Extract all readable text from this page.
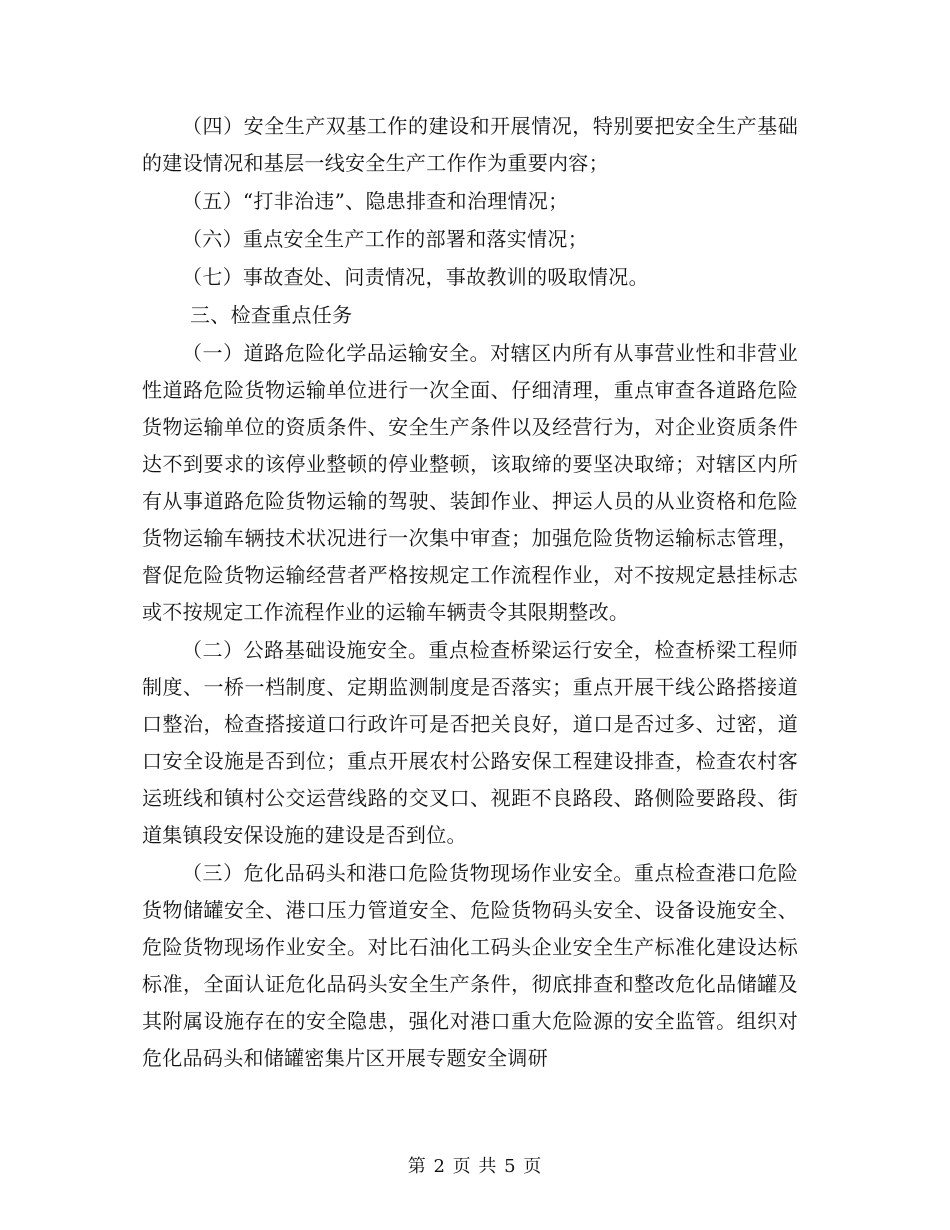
（四）安全生产双基工作的建设和开展情况，特别要把安全生产基础的建设情况和基层一线安全生产工作作为重要内容；

（五）“打非治违”、隐患排查和治理情况；

（六）重点安全生产工作的部署和落实情况；

（七）事故查处、问责情况，事故教训的吸取情况。

三、检查重点任务

（一）道路危险化学品运输安全。对辖区内所有从事营业性和非营业性道路危险货物运输单位进行一次全面、仔细清理，重点审查各道路危险货物运输单位的资质条件、安全生产条件以及经营行为，对企业资质条件达不到要求的该停业整顿的停业整顿，该取缔的要坚决取缔；对辖区内所有从事道路危险货物运输的驾驶、装卸作业、押运人员的从业资格和危险货物运输车辆技术状况进行一次集中审查；加强危险货物运输标志管理，督促危险货物运输经营者严格按规定工作流程作业，对不按规定悬挂标志或不按规定工作流程作业的运输车辆责令其限期整改。

（二）公路基础设施安全。重点检查桥梁运行安全，检查桥梁工程师制度、一桥一档制度、定期监测制度是否落实；重点开展干线公路搭接道口整治，检查搭接道口行政许可是否把关良好，道口是否过多、过密，道口安全设施是否到位；重点开展农村公路安保工程建设排查，检查农村客运班线和镇村公交运营线路的交叉口、视距不良路段、路侧险要路段、街道集镇段安保设施的建设是否到位。

（三）危化品码头和港口危险货物现场作业安全。重点检查港口危险货物储罐安全、港口压力管道安全、危险货物码头安全、设备设施安全、危险货物现场作业安全。对比石油化工码头企业安全生产标准化建设达标标准，全面认证危化品码头安全生产条件，彻底排查和整改危化品储罐及其附属设施存在的安全隐患，强化对港口重大危险源的安全监管。组织对危化品码头和储罐密集片区开展专题安全调研

第 2 页 共 5 页
